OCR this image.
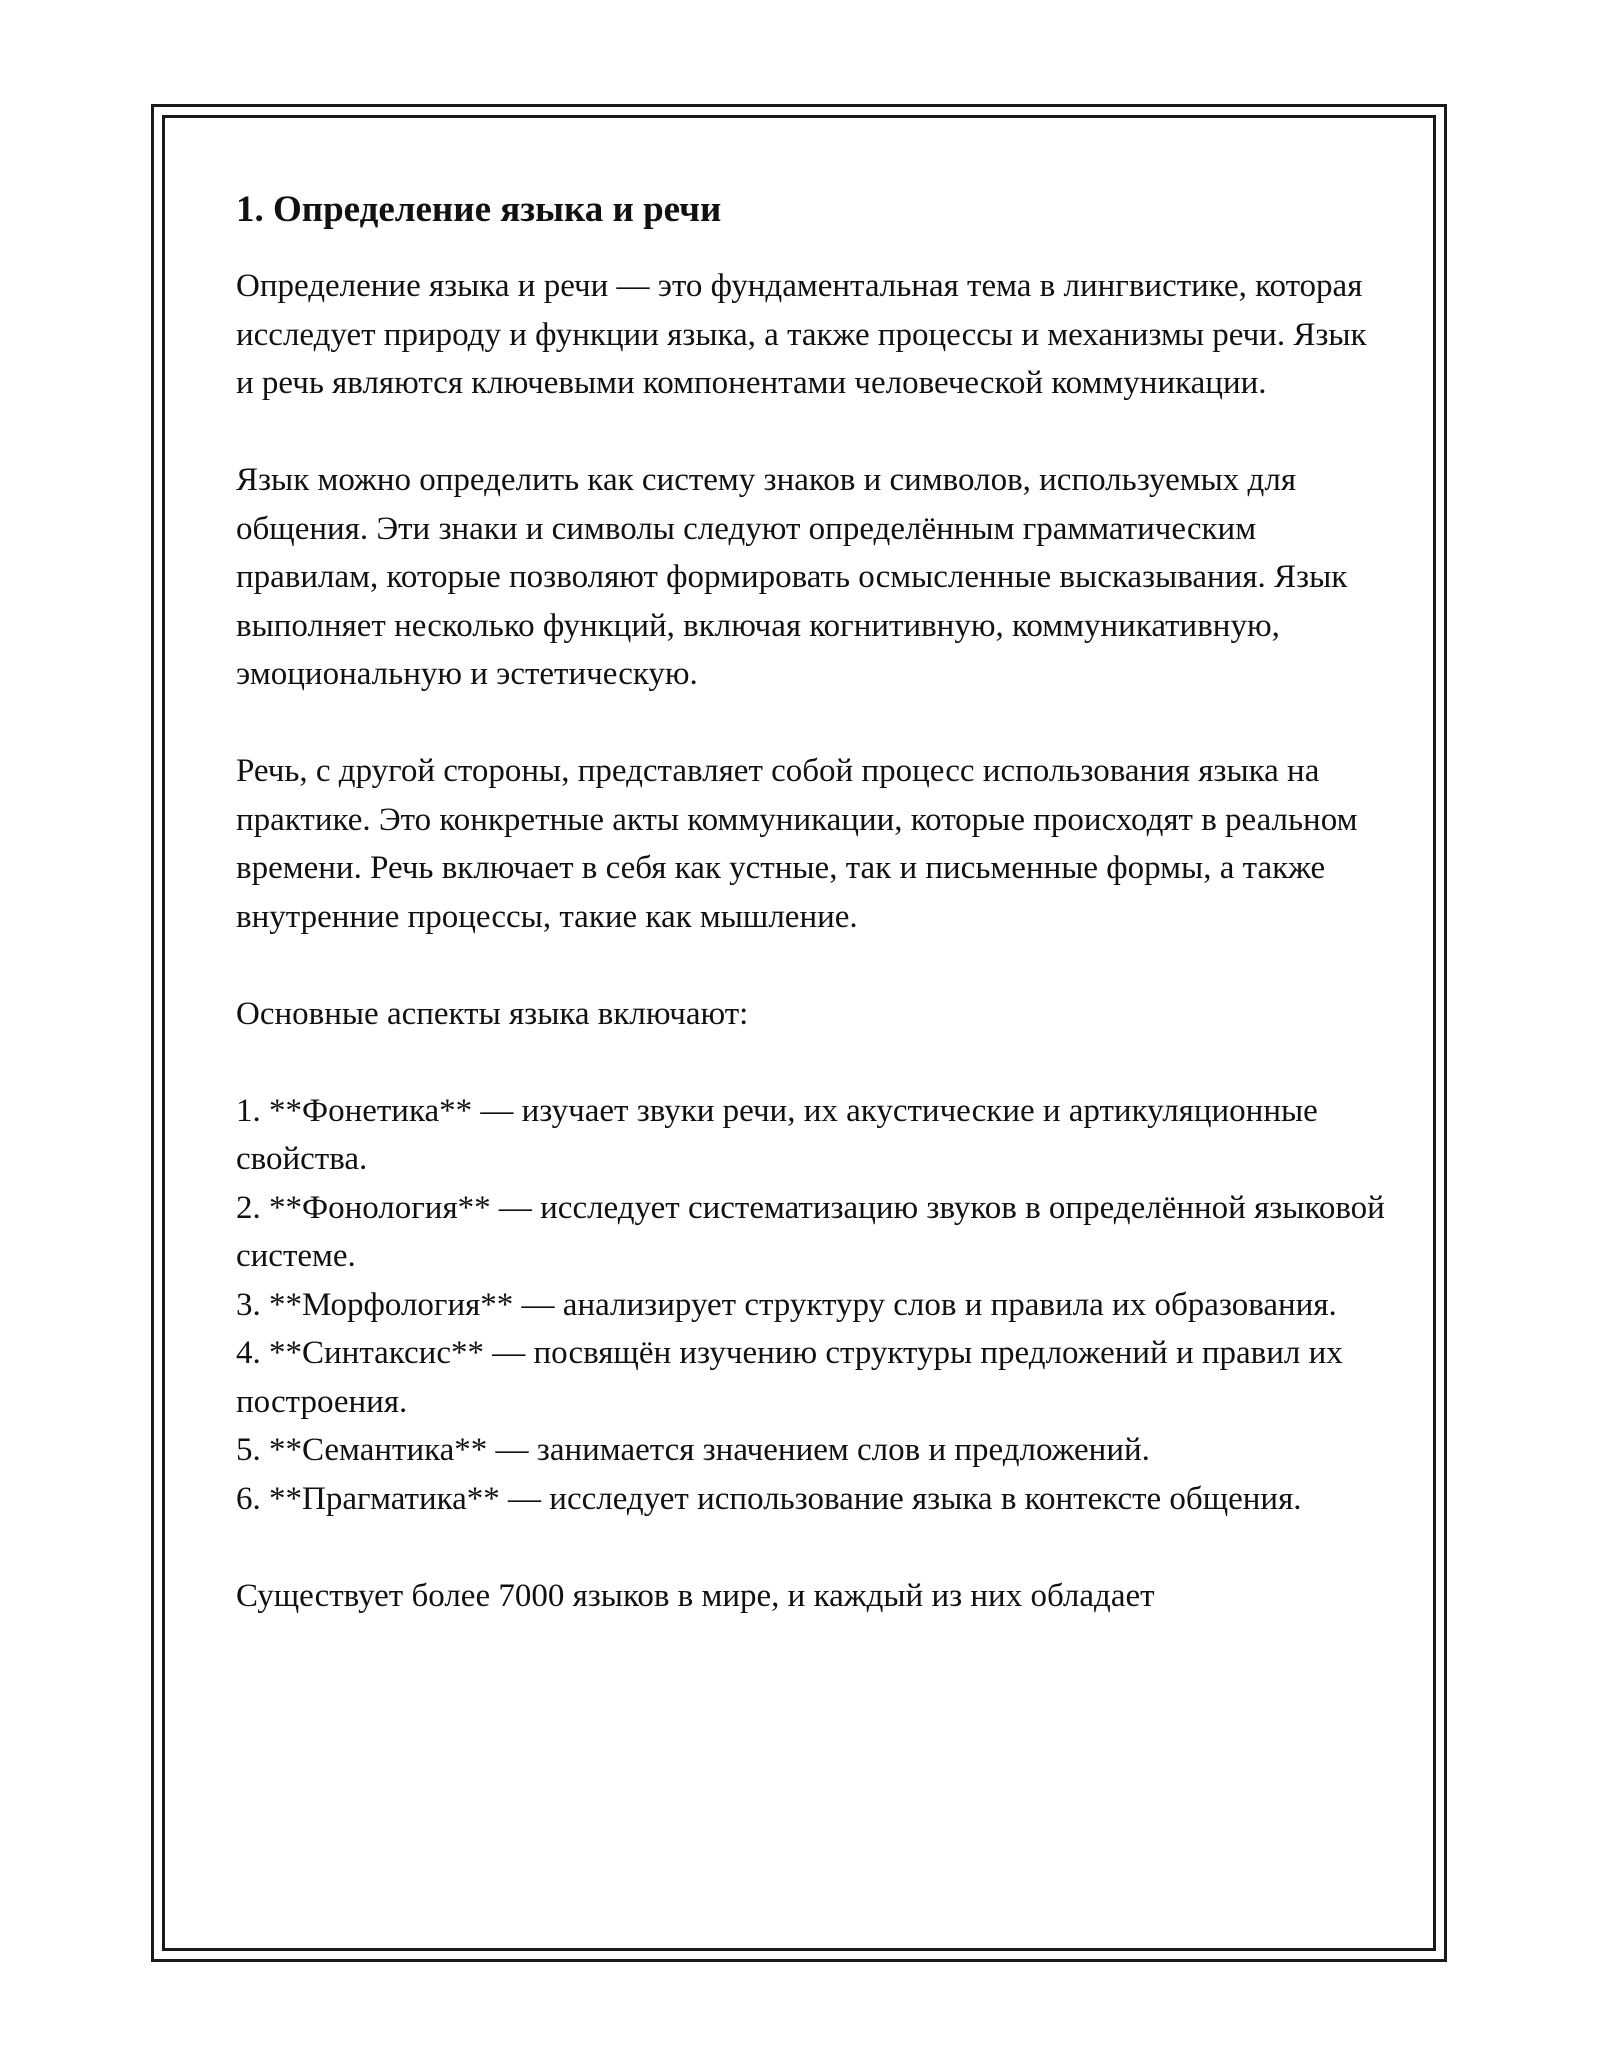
1. Определение языка и речи

Определение языка и речи — это фундаментальная тема в лингвистике, которая исследует природу и функции языка, а также процессы и механизмы речи. Язык и речь являются ключевыми компонентами человеческой коммуникации.

Язык можно определить как систему знаков и символов, используемых для общения. Эти знаки и символы следуют определённым грамматическим правилам, которые позволяют формировать осмысленные высказывания. Язык выполняет несколько функций, включая когнитивную, коммуникативную, эмоциональную и эстетическую.

Речь, с другой стороны, представляет собой процесс использования языка на практике. Это конкретные акты коммуникации, которые происходят в реальном времени. Речь включает в себя как устные, так и письменные формы, а также внутренние процессы, такие как мышление.

Основные аспекты языка включают:

1. **Фонетика** — изучает звуки речи, их акустические и артикуляционные свойства.

2. **Фонология** — исследует систематизацию звуков в определённой языковой системе.

3. **Морфология** — анализирует структуру слов и правила их образования.

4. **Синтаксис** — посвящён изучению структуры предложений и правил их построения.

5. **Семантика** — занимается значением слов и предложений.

6. **Прагматика** — исследует использование языка в контексте общения.

Существует более 7000 языков в мире, и каждый из них обладает
